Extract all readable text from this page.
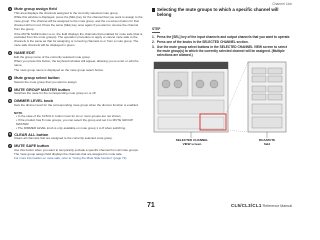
Channel Link
1 Mute group assign field
This area displays the channels assigned to the currently selected mute group.
While this window is displayed, press the [SEL] key for the channel that you want to assign to the mute group. The channel will be assigned to the mute group, and the on-screen button for that channel will turn red. Press the same [SEL] key once again if you want to remove the channel from the group.
If the MUTE SAFE button is on, the field displays the channels that enabled for mute safe (that is, excluded from the mute groups). The operation procedure to apply or cancel mute safe to the channels is the same as that for assigning or removing channels to or from a mute group. The mute safe channels will be displayed in green.
2 NAME EDIT
Edit the group name of the currently selected mute group.
When you press this button, the keyboard window will appear, allowing you to enter or edit the name.
The mute group name is displayed on the mute group select button.
3 Mute group select button
Selects the mute group that you want to assign.
4 MUTE GROUP MASTER button
Switches the mute for the corresponding mute group on or off.
5 DIMMER LEVEL knob
Sets the dimmer level for the corresponding mute group when the dimmer function is enabled.
NOTE
• In the case of the CL5/CL3, button rows for six or more groups are not shown.
• If the product has 8 mute groups, you can select the group and set it to MUTE GROUP MASTER.
• The DIMMER LEVEL knob is only available on mute group 1 to 8 when switching.
6 CLEAR ALL button
Clears all channels that are assigned to the currently selected mute group.
7 MUTE SAFE button
Use this button when you want to temporarily exclude a specific channel from all mute groups. The mute group assign field displays the channels that are assigned to mute safe.
For more information on mute safe, refer to "Using the Mute Safe function" (page 72).
Selecting the mute groups to which a specific channel will belong
STEP
1. Press the [SEL] key of the input channels and output channels that you want to operate.
2. Press one of the knobs in the SELECTED CHANNEL section.
3. Use the mute group select buttons in the SELECTED CHANNEL VIEW screen to select the mute group(s) to which the currently selected channel will be assigned. (Multiple selections are allowed.)
SELECTED CHANNEL
VIEW screen
DCA/MUTE
field
71	CL5/CL3/CL1 Reference Manual
